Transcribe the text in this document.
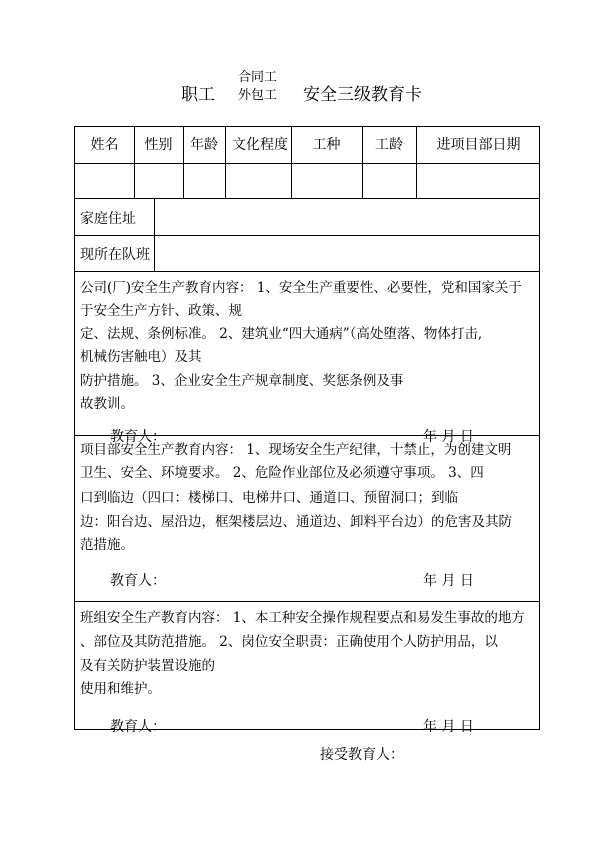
职工
合同工
外包工 安全三级教育卡
姓名	性别	年龄	文化程度	工种	工龄	进项目部日期
家庭住址
现所在队班
公司(厂)安全生产教育内容： 1、安全生产重要性、必要性，党和国家关于
于安全生产方针、政策、规
定、法规、条例标准。 2、建筑业“四大通病”（高处堕落、物体打击,
机械伤害触电）及其
防护措施。 3、企业安全生产规章制度、奖惩条例及事
故教训。
教育人：	年 月 日
项目部安全生产教育内容： 1、现场安全生产纪律，十禁止，为创建文明
卫生、安全、环境要求。 2、危险作业部位及必须遵守事项。 3、四
口到临边（四口：楼梯口、电梯井口、通道口、预留洞口；到临
边：阳台边、屋沿边，框架楼层边、通道边、卸料平台边）的危害及其防
范措施。
教育人：	年 月 日
班组安全生产教育内容： 1、本工种安全操作规程要点和易发生事故的地方
、部位及其防范措施。 2、岗位安全职责：正确使用个人防护用品，以
及有关防护装置设施的
使用和维护。
教育人：	年 月 日
接受教育人：
